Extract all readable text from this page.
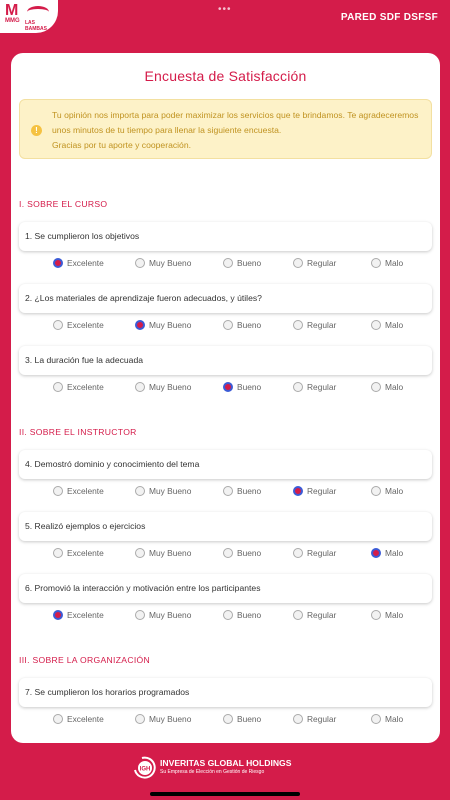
M
MMG LAS BAMBAS
•••
PARED SDF DSFSF
Encuesta de Satisfacción
!

Tu opinión nos importa para poder maximizar los servicios que te brindamos. Te agradeceremos

unos minutos de tu tiempo para llenar la siguiente encuesta.

Gracias por tu aporte y cooperación.

I. SOBRE EL CURSO
1. Se cumplieron los objetivos
Excelente	Muy Bueno	Bueno	Regular	Malo
2. ¿Los materiales de aprendizaje fueron adecuados, y útiles?
Excelente	Muy Bueno	Bueno	Regular	Malo
3. La duración fue la adecuada
Excelente	Muy Bueno	Bueno	Regular	Malo
II. SOBRE EL INSTRUCTOR
4. Demostró dominio y conocimiento del tema
Excelente	Muy Bueno	Bueno	Regular	Malo
5. Realizó ejemplos o ejercicios
Excelente	Muy Bueno	Bueno	Regular	Malo
6. Promovió la interacción y motivación entre los participantes
Excelente	Muy Bueno	Bueno	Regular	Malo
III. SOBRE LA ORGANIZACIÓN
7. Se cumplieron los horarios programados
Excelente	Muy Bueno	Bueno	Regular	Malo
IGH
INVERITAS GLOBAL HOLDINGS
Su Empresa de Elección en Gestión de Riesgo
